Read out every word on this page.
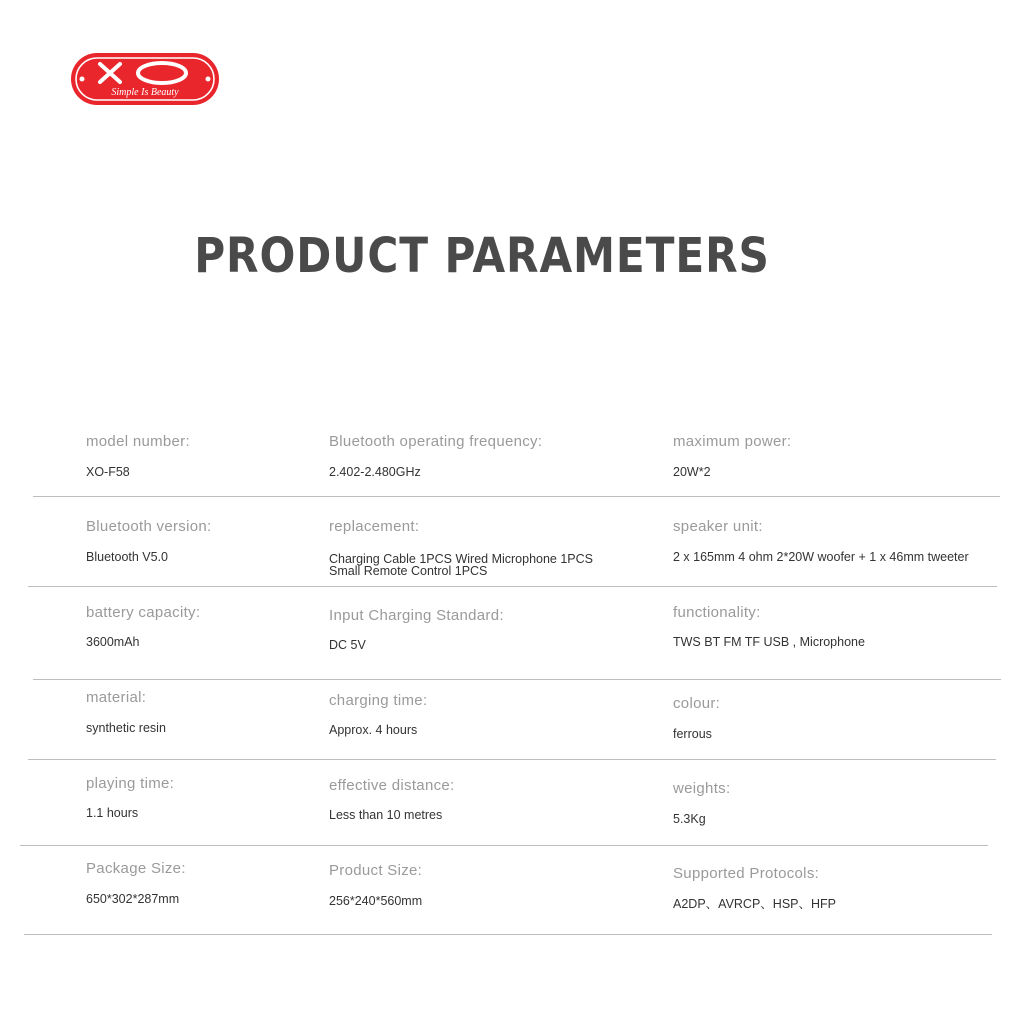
Simple Is Beauty
PRODUCT PARAMETERS
model number:
XO-F58
Bluetooth operating frequency:
2.402-2.480GHz
maximum power:
20W*2
Bluetooth version:
Bluetooth V5.0
replacement:
Charging Cable 1PCS Wired Microphone 1PCS
Small Remote Control 1PCS
speaker unit:
2 x 165mm 4 ohm 2*20W woofer + 1 x 46mm tweeter
battery capacity:
3600mAh
Input Charging Standard:
DC 5V
functionality:
TWS BT FM TF USB , Microphone
material:
synthetic resin
charging time:
Approx. 4 hours
colour:
ferrous
playing time:
1.1 hours
effective distance:
Less than 10 metres
weights:
5.3Kg
Package Size:
650*302*287mm
Product Size:
256*240*560mm
Supported Protocols:
A2DP、AVRCP、HSP、HFP
